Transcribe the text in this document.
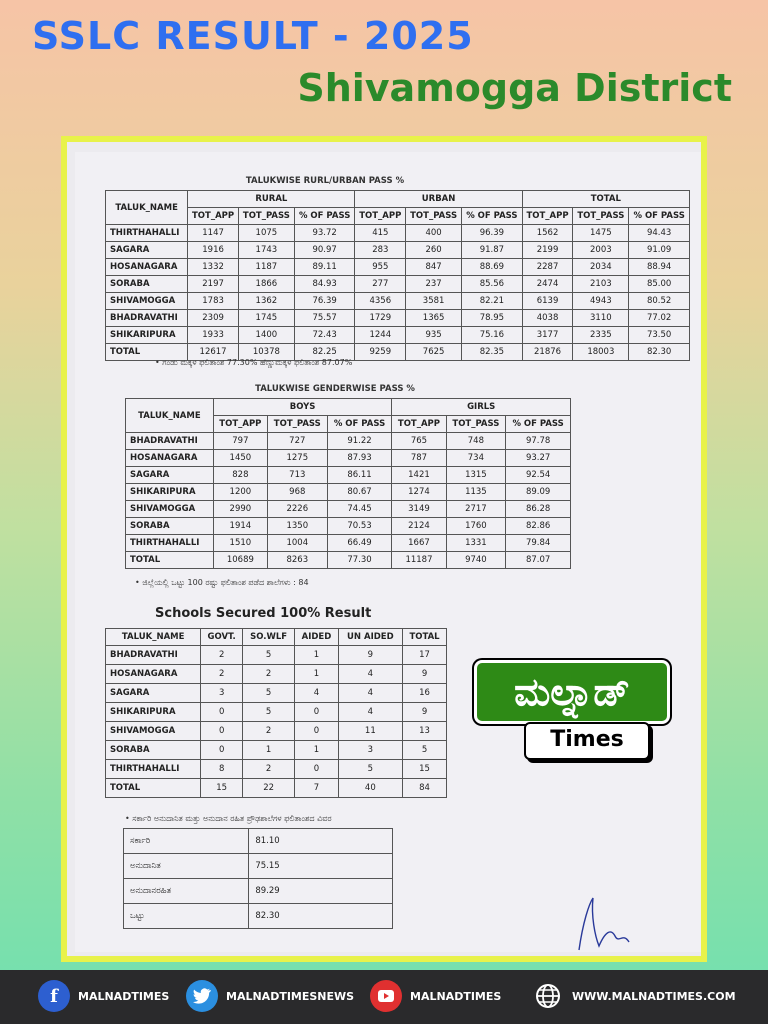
SSLC RESULT - 2025
Shivamogga District
TALUKWISE RURL/URBAN PASS %
TALUK_NAME	RURAL			URBAN			TOTAL		
	TOT_APP	TOT_PASS	% OF PASS	TOT_APP	TOT_PASS	% OF PASS	TOT_APP	TOT_PASS	% OF PASS
THIRTHAHALLI	1147	1075	93.72	415	400	96.39	1562	1475	94.43
SAGARA	1916	1743	90.97	283	260	91.87	2199	2003	91.09
HOSANAGARA	1332	1187	89.11	955	847	88.69	2287	2034	88.94
SORABA	2197	1866	84.93	277	237	85.56	2474	2103	85.00
SHIVAMOGGA	1783	1362	76.39	4356	3581	82.21	6139	4943	80.52
BHADRAVATHI	2309	1745	75.57	1729	1365	78.95	4038	3110	77.02
SHIKARIPURA	1933	1400	72.43	1244	935	75.16	3177	2335	73.50
TOTAL	12617	10378	82.25	9259	7625	82.35	21876	18003	82.30
• ಗಂಡು ಮಕ್ಕಳ ಫಲಿತಾಂಶ 77.30% ಹೆಣ್ಣುಮಕ್ಕಳ ಫಲಿತಾಂಶ 87.07%
TALUKWISE GENDERWISE PASS %
TALUK_NAME	BOYS			GIRLS		
	TOT_APP	TOT_PASS	% OF PASS	TOT_APP	TOT_PASS	% OF PASS
BHADRAVATHI	797	727	91.22	765	748	97.78
HOSANAGARA	1450	1275	87.93	787	734	93.27
SAGARA	828	713	86.11	1421	1315	92.54
SHIKARIPURA	1200	968	80.67	1274	1135	89.09
SHIVAMOGGA	2990	2226	74.45	3149	2717	86.28
SORABA	1914	1350	70.53	2124	1760	82.86
THIRTHAHALLI	1510	1004	66.49	1667	1331	79.84
TOTAL	10689	8263	77.30	11187	9740	87.07
• ಜಿಲ್ಲೆಯಲ್ಲಿ ಒಟ್ಟು 100 ರಷ್ಟು ಫಲಿತಾಂಶ ಪಡೆದ ಶಾಲೆಗಳು : 84
Schools Secured 100% Result
TALUK_NAME	GOVT.	SO.WLF	AIDED	UN AIDED	TOTAL
BHADRAVATHI	2	5	1	9	17
HOSANAGARA	2	2	1	4	9
SAGARA	3	5	4	4	16
SHIKARIPURA	0	5	0	4	9
SHIVAMOGGA	0	2	0	11	13
SORABA	0	1	1	3	5
THIRTHAHALLI	8	2	0	5	15
TOTAL	15	22	7	40	84
• ಸರ್ಕಾರಿ ಅನುದಾನಿತ ಮತ್ತು ಅನುದಾನ ರಹಿತ ಪ್ರೌಢಶಾಲೆಗಳ ಫಲಿತಾಂಶದ ವಿವರ
ಸರ್ಕಾರಿ	81.10
ಅನುದಾನಿತ	75.15
ಅನುದಾನರಹಿತ	89.29
ಒಟ್ಟು	82.30
ಮಲ್ನಾಡ್
Times
f	MALNADTIMES	MALNADTIMESNEWS	MALNADTIMES	WWW.MALNADTIMES.COM
